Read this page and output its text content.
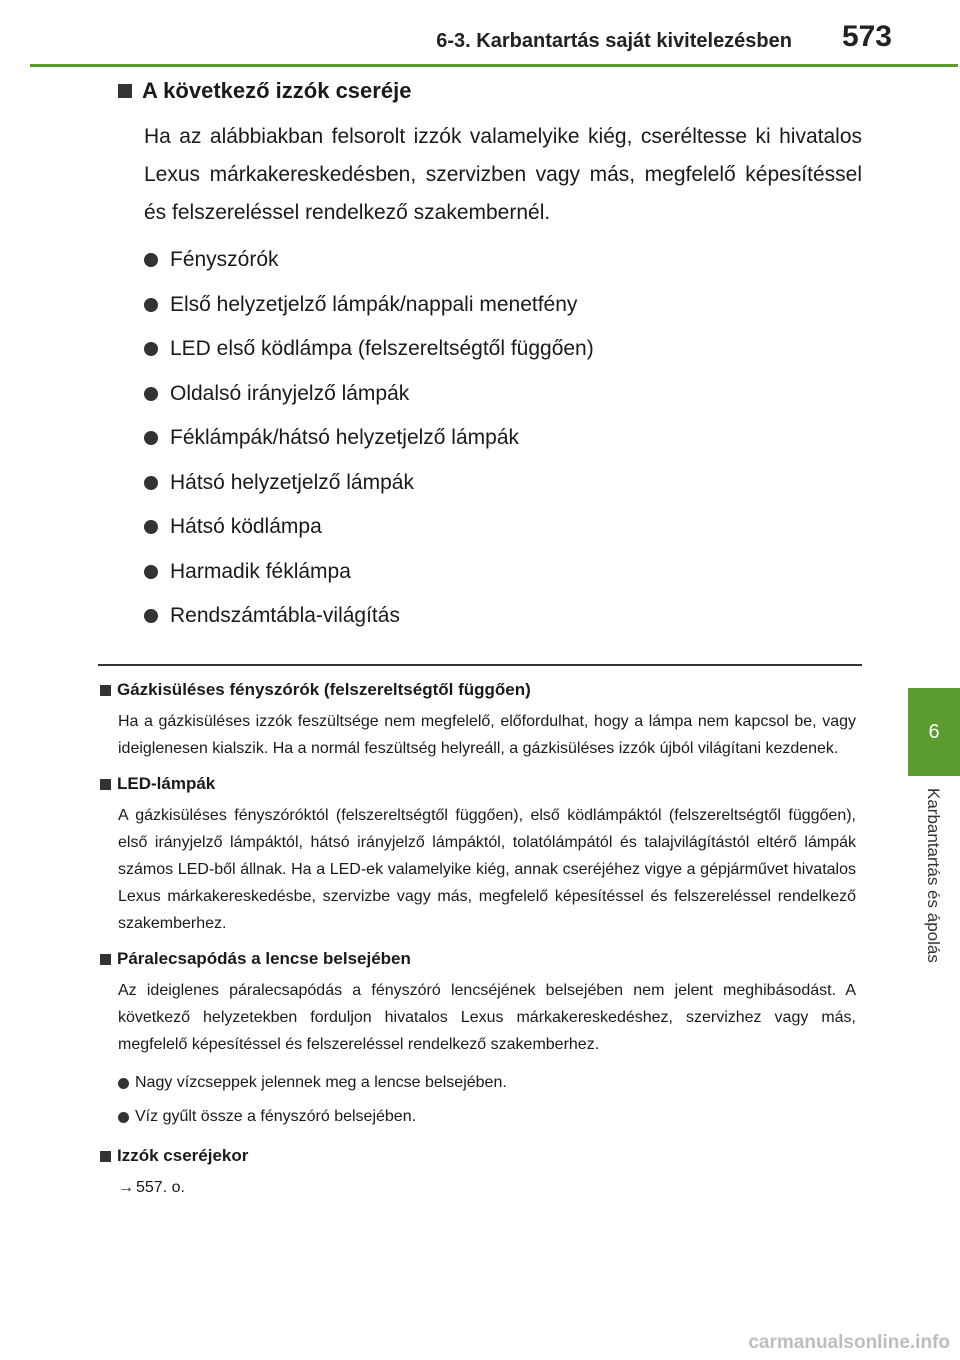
6-3. Karbantartás saját kivitelezésben 573
6
Karbantartás és ápolás
A következő izzók cseréje

Ha az alábbiakban felsorolt izzók valamelyike kiég, cseréltesse ki hivatalos Lexus márkakereskedésben, szervizben vagy más, megfelelő képesítéssel és felszereléssel rendelkező szakembernél.

Fényszórók
Első helyzetjelző lámpák/nappali menetfény
LED első ködlámpa (felszereltségtől függően)
Oldalsó irányjelző lámpák
Féklámpák/hátsó helyzetjelző lámpák
Hátsó helyzetjelző lámpák
Hátsó ködlámpa
Harmadik féklámpa
Rendszámtábla-világítás
Gázkisüléses fényszórók (felszereltségtől függően)

Ha a gázkisüléses izzók feszültsége nem megfelelő, előfordulhat, hogy a lámpa nem kapcsol be, vagy ideiglenesen kialszik. Ha a normál feszültség helyreáll, a gázkisüléses izzók újból világítani kezdenek.

LED-lámpák

A gázkisüléses fényszóróktól (felszereltségtől függően), első ködlámpáktól (felszereltségtől függően), első irányjelző lámpáktól, hátsó irányjelző lámpáktól, tolatólámpától és talajvilágítástól eltérő lámpák számos LED-ből állnak. Ha a LED-ek valamelyike kiég, annak cseréjéhez vigye a gépjárművet hivatalos Lexus márkakereskedésbe, szervizbe vagy más, megfelelő képesítéssel és felszereléssel rendelkező szakemberhez.

Páralecsapódás a lencse belsejében

Az ideiglenes páralecsapódás a fényszóró lencséjének belsejében nem jelent meghibásodást. A következő helyzetekben forduljon hivatalos Lexus márkakereskedéshez, szervizhez vagy más, megfelelő képesítéssel és felszereléssel rendelkező szakemberhez.

Nagy vízcseppek jelennek meg a lencse belsejében.
Víz gyűlt össze a fényszóró belsejében.
Izzók cseréjekor

→ 557. o.

carmanualsonline.info
